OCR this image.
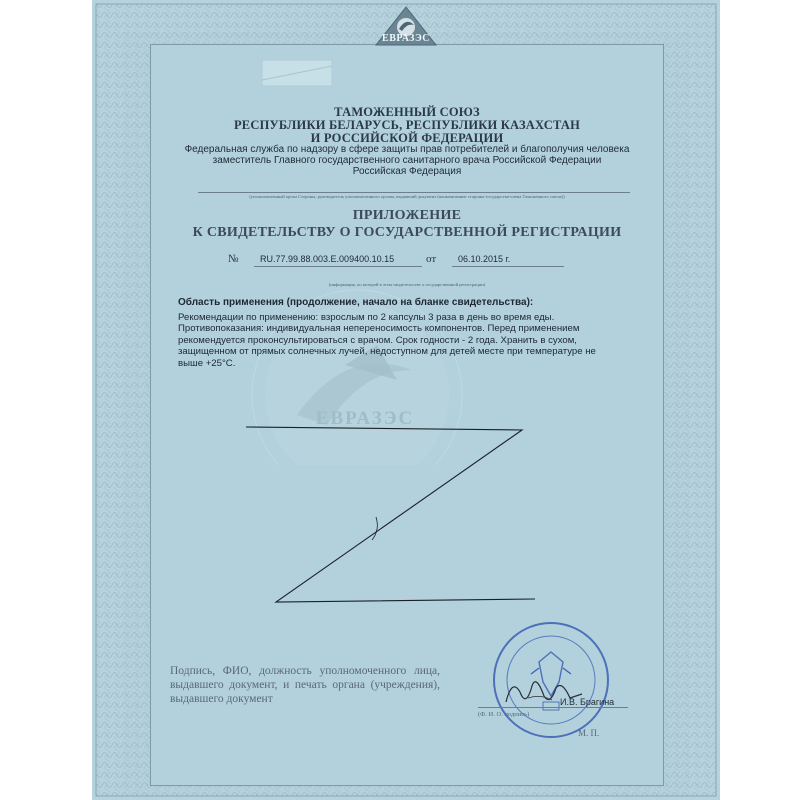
ЕВРАЗЭС
ТАМОЖЕННЫЙ СОЮЗ
РЕСПУБЛИКИ БЕЛАРУСЬ, РЕСПУБЛИКИ КАЗАХСТАН
И РОССИЙСКОЙ ФЕДЕРАЦИИ
Федеральная служба по надзору в сфере защиты прав потребителей и благополучия человека
заместитель Главного государственного санитарного врача Российской Федерации
Российская Федерация
(уполномоченный орган Стороны, руководитель уполномоченного органа, выдавший документ (наименование стороны-государства-члена Таможенного союза))
ПРИЛОЖЕНИЕ
К СВИДЕТЕЛЬСТВУ О ГОСУДАРСТВЕННОЙ РЕГИСТРАЦИИ
№ RU.77.99.88.003.E.009400.10.15	от 06.10.2015 г.
(информация, по которой в этом свидетельстве о государственной регистрации)
ЕВРАЗЭС
Область применения (продолжение, начало на бланке свидетельства):
Рекомендации по применению: взрослым по 2 капсулы 3 раза в день во время еды.
Противопоказания: индивидуальная непереносимость компонентов. Перед применением
рекомендуется проконсультироваться с врачом. Срок годности - 2 года. Хранить в сухом,
защищенном от прямых солнечных лучей, недоступном для детей месте при температуре не
выше +25°С.
Подпись, ФИО, должность уполномоченного лица, выдавшего документ, и печать органа (учреждения), выдавшего документ	И.В. Брагина
(Ф. И. О. подпись)
М. П.
